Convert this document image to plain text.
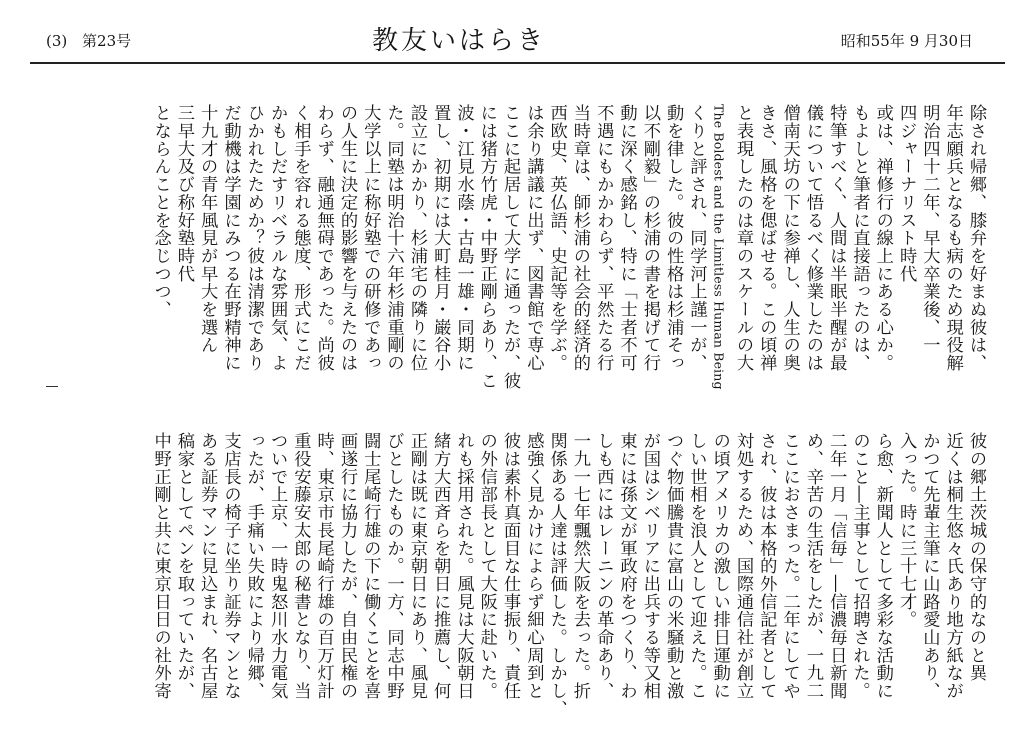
(3) 第23号	教友いはらき	昭和55年 9 月30日

除され帰郷、膝弁を好まぬ彼は、

年志願兵となるも病のため現役解

明治四十二年、早大卒業後、一

四ジャーナリスト時代

或は、禅修行の線上にある心か。

もよしと筆者に直接語ったのは、

特筆すべく、人間は半眠半醒が最

儀について悟るべく修業したのは

僧南天坊の下に参禅し、人生の奥

きさ、風格を偲ばせる。この頃禅

と表現したのは章のスケールの大

The Boldest and the Limitless Human Being

くりと評され、同学河上謹一が、

動を律した。彼の性格は杉浦そっ

以不剛毅」の杉浦の書を掲げて行

動に深く感銘し、特に「士者不可

不遇にもかかわらず、平然たる行

当時章は、師杉浦の社会的経済的

西欧史、英仏語、史記等を学ぶ。

は余り講議に出ず、図書館で専心

ここに起居して大学に通ったが、彼

には猪方竹虎・中野正剛らあり、こ

波・江見水蔭・古島一雄・同期に

置し、初期には大町桂月・巌谷小

設立にかかり、杉浦宅の隣りに位

た。同塾は明治十六年杉浦重剛の

大学以上に称好塾での研修であっ

の人生に決定的影響を与えたのは

わらず、融通無碍であった。尚彼

く相手を容れる態度、形式にこだ

かもしだすリベラルな雰囲気、よ

ひかれたためか？彼は清潔であり

だ動機は学園にみつる在野精神に

十九才の青年風見が早大を選ん

三早大及び称好塾時代

とならんことを念じつつ、

彼の郷土茨城の保守的なのと異

近くは桐生悠々氏あり地方紙なが

かつて先輩主筆に山路愛山あり、

入った。時に三十七才。

ら愈、新聞人として多彩な活動に

のこと―主事として招聘された。

二年一月「信毎」―信濃毎日新聞

め、辛苦の生活をしたが、一九二

ここにおさまった。二年にしてや

され、彼は本格的外信記者として

対処するため、国際通信社が創立

の頃アメリカの激しい排日運動に

しい世相を浪人として迎えた。こ

つぐ物価騰貴に富山の米騒動と激

が国はシベリアに出兵する等又相

東には孫文が軍政府をつくり、わ

しも西にはレーニンの革命あり、

一九一七年飄然大阪を去った。折

関係ある人達は評価した。しかし、

感強く見かけによらず細心周到と

彼は素朴真面目な仕事振り、責任

の外信部長として大阪に赴いた。

れも採用された。風見は大阪朝日

緒方大西斉らを朝日に推薦し、何

正剛は既に東京朝日にあり、風見

びとしたものか。一方、同志中野

闘士尾崎行雄の下に働くことを喜

画遂行に協力したが、自由民権の

時、東京市長尾崎行雄の百万灯計

重役安藤安太郎の秘書となり、当

ついで上京、一時鬼怒川水力電気

ったが、手痛い失敗により帰郷、

支店長の椅子に坐り証券マンとな

ある証券マンに見込まれ、名古屋

稿家としてペンを取っていたが、

中野正剛と共に東京日日の社外寄
